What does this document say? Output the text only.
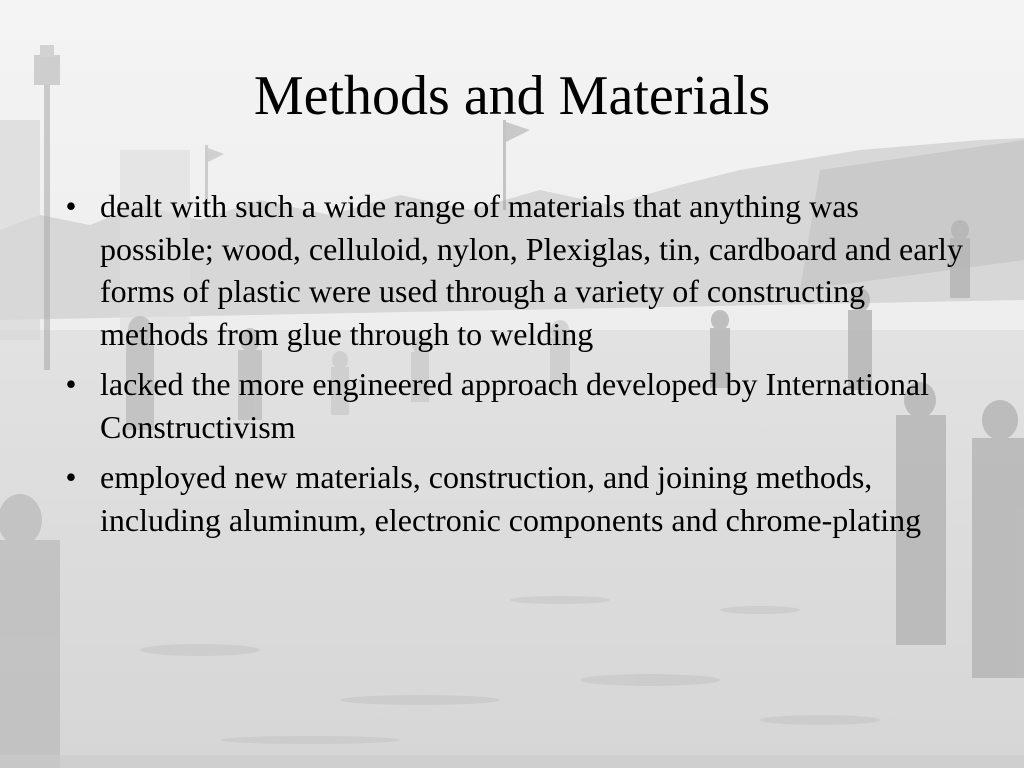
Methods and Materials
• dealt with such a wide range of materials that anything was possible; wood, celluloid, nylon, Plexiglas, tin, cardboard and early forms of plastic were used through a variety of constructing methods from glue through to welding
• lacked the more engineered approach developed by International Constructivism
• employed new materials, construction, and joining methods, including aluminum, electronic components and chrome-plating
